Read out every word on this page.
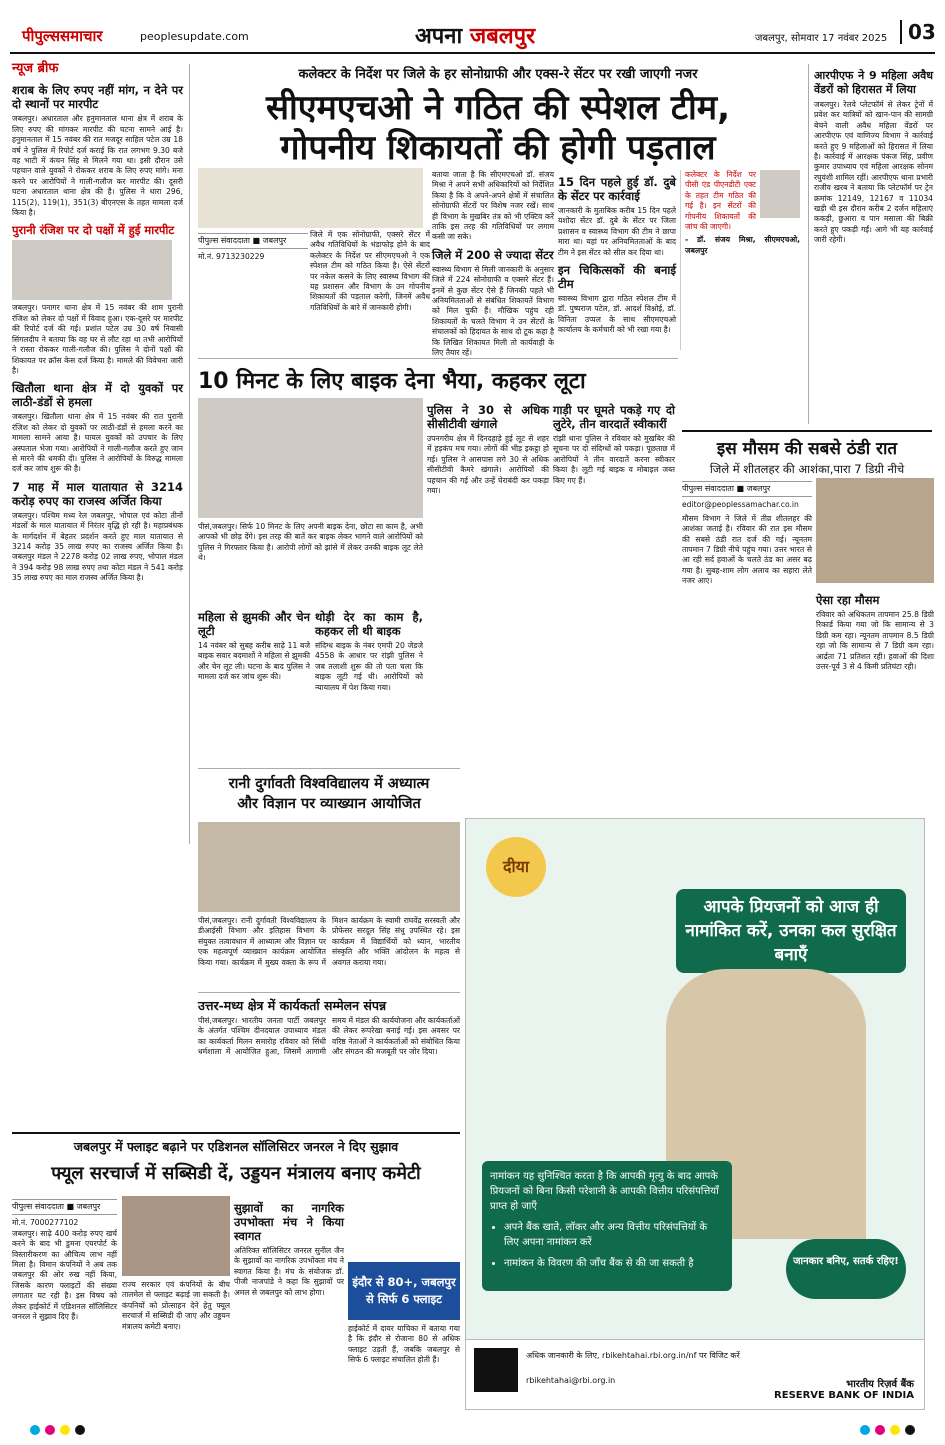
पीपुल्ससमाचार	peoplesupdate.com	अपना जबलपुर	जबलपुर, सोमवार 17 नवंबर 2025	03
न्यूज ब्रीफ
शराब के लिए रुपए नहीं मांग, न देने पर दो स्थानों पर मारपीट

जबलपुर। अधारताल और हनुमानताल थाना क्षेत्र में शराब के लिए रुपए की मांगकर मारपीट की घटना सामने आई है। हनुमानताल में 15 नवंबर की रात मजदूर साहिल पटेल उम्र 18 वर्ष ने पुलिस में रिपोर्ट दर्ज कराई कि रात लगभग 9.30 बजे वह भाटी में कंचन सिंह से मिलने गया था। इसी दौरान उसे पहचान वाले युवकों ने रोककर शराब के लिए रुपए मांगे। मना करने पर आरोपियों ने गाली-गलौज कर मारपीट की। दूसरी घटना अधारताल थाना क्षेत्र की है। पुलिस ने धारा 296, 115(2), 119(1), 351(3) बीएनएस के तहत मामला दर्ज किया है।

पुरानी रंजिश पर दो पक्षों में हुई मारपीट

जबलपुर। पनागर थाना क्षेत्र में 15 नवंबर की शाम पुरानी रंजिश को लेकर दो पक्षों में विवाद हुआ। एक-दूसरे पर मारपीट की रिपोर्ट दर्ज की गई। प्रशांत पटेल उम्र 30 वर्ष निवासी सिंगलदीप ने बताया कि वह घर से लौट रहा था तभी आरोपियों ने रास्ता रोककर गाली-गलौज की। पुलिस ने दोनों पक्षों की शिकायत पर क्रॉस केस दर्ज किया है। मामले की विवेचना जारी है।

खितौला थाना क्षेत्र में दो युवकों पर लाठी-डंडों से हमला

जबलपुर। खितौला थाना क्षेत्र में 15 नवंबर की रात पुरानी रंजिश को लेकर दो युवकों पर लाठी-डंडों से हमला करने का मामला सामने आया है। घायल युवकों को उपचार के लिए अस्पताल भेजा गया। आरोपियों ने गाली-गलौज करते हुए जान से मारने की धमकी दी। पुलिस ने आरोपियों के विरुद्ध मामला दर्ज कर जांच शुरू की है।

7 माह में माल यातायात से 3214 करोड़ रुपए का राजस्व अर्जित किया

जबलपुर। पश्चिम मध्य रेल जबलपुर, भोपाल एवं कोटा तीनों मंडलों के माल यातायात में निरंतर वृद्धि हो रही है। महाप्रबंधक के मार्गदर्शन में बेहतर प्रदर्शन करते हुए माल यातायात से 3214 करोड़ 35 लाख रुपए का राजस्व अर्जित किया है। जबलपुर मंडल ने 2278 करोड़ 02 लाख रुपए, भोपाल मंडल ने 394 करोड़ 98 लाख रुपए तथा कोटा मंडल ने 541 करोड़ 35 लाख रुपए का माल राजस्व अर्जित किया है।

कलेक्टर के निर्देश पर जिले के हर सोनोग्राफी और एक्स-रे सेंटर पर रखी जाएगी नजर
सीएमएचओ ने गठित की स्पेशल टीम,
गोपनीय शिकायतों की होगी पड़ताल
पीपुल्स संवाददाता ■ जबलपुर
मो.नं. 9713230229
जिले में एक सोनोग्राफी, एक्सरे सेंटर में अवैध गतिविधियों के भंडाफोड़ होने के बाद कलेक्टर के निर्देश पर सीएमएचओ ने एक स्पेशल टीम को गठित किया है। ऐसे सेंटरों पर नकेल कसने के लिए स्वास्थ्य विभाग की यह प्रशासन और विभाग के उन गोपनीय शिकायतों की पड़ताल करेगी, जिनमें अवैध गतिविधियों के बारे में जानकारी होगी।

बताया जाता है कि सीएमएचओ डॉ. संजय मिश्रा ने अपने सभी अधिकारियों को निर्देशित किया है कि वे अपने-अपने क्षेत्रों में संचालित सोनोग्राफी सेंटरों पर विशेष नजर रखें। साथ ही विभाग के मुखबिर तंत्र को भी एक्टिव करें ताकि इस तरह की गतिविधियों पर लगाम कसी जा सके।

जिले में 200 से ज्यादा सेंटर

स्वास्थ्य विभाग से मिली जानकारी के अनुसार जिले में 224 सोनोग्राफी व एक्सरे सेंटर हैं। इनमें से कुछ सेंटर ऐसे हैं जिनकी पहले भी अनियमितताओं से संबंधित शिकायतें विभाग को मिल चुकी हैं। मौखिक पहुंच रही शिकायतों के चलते विभाग ने उन सेंटरों के संचालकों को हिदायत के साथ दो टूक कहा है कि लिखित शिकायत मिली तो कार्यवाही के लिए तैयार रहें।

15 दिन पहले हुई डॉ. दुबे के सेंटर पर कार्रवाई

जानकारी के मुताबिक करीब 15 दिन पहले यशोदा सेंटर डॉ. दुबे के सेंटर पर जिला प्रशासन व स्वास्थ्य विभाग की टीम ने छापा मारा था। यहां पर अनियमितताओं के बाद टीम ने इस सेंटर को सील कर दिया था।

इन चिकित्सकों की बनाई टीम

स्वास्थ्य विभाग द्वारा गठित स्पेशल टीम में डॉ. पुष्पराज पटेल, डॉ. आदर्श विश्नोई, डॉ. विनिता उप्पल के साथ सीएमएचओ कार्यालय के कर्मचारी को भी रखा गया है।

कलेक्टर के निर्देश पर पीसी एंड पीएनडीटी एक्ट के तहत टीम गठित की गई है। इन सेंटरों की गोपनीय शिकायतों की जांच की जाएगी।

- डॉ. संजय मिश्रा, सीएमएचओ, जबलपुर

आरपीएफ ने 9 महिला अवैध वेंडरों को हिरासत में लिया

जबलपुर। रेलवे प्लेटफॉर्म से लेकर ट्रेनों में प्रवेश कर यात्रियों को खान-पान की सामग्री बेचने वाली अवैध महिला वेंडरों पर आरपीएफ एवं वाणिज्य विभाग ने कार्रवाई करते हुए 9 महिलाओं को हिरासत में लिया है। कार्रवाई में आरक्षक पंकज सिंह, प्रवीण कुमार उपाध्याय एवं महिला आरक्षक सोनम रघुवंशी शामिल रहीं। आरपीएफ थाना प्रभारी राजीव खरब ने बताया कि प्लेटफॉर्म पर ट्रेन क्रमांक 12149, 12167 व 11034 खड़ी थी इस दौरान करीब 2 दर्जन महिलाएं ककड़ी, छुआरा व पान मसाला की बिक्री करते हुए पकड़ी गईं। आगे भी यह कार्रवाई जारी रहेगी।

10 मिनट के लिए बाइक देना भैया, कहकर लूटा

पीसं,जबलपुर। सिर्फ 10 मिनट के लिए अपनी बाइक देना, छोटा सा काम है, अभी आपको भी छोड़ देंगे। इस तरह की बातें कर बाइक लेकर भागने वाले आरोपियों को पुलिस ने गिरफ्तार किया है। आरोपी लोगों को झांसे में लेकर उनकी बाइक लूट लेते थे।

महिला से झुमकी और चेन लूटी

14 नवंबर को सुबह करीब साढ़े 11 बजे बाइक सवार बदमाशों ने महिला से झुमकी और चेन लूट ली। घटना के बाद पुलिस ने मामला दर्ज कर जांच शुरू की।

थोड़ी देर का काम है, कहकर ली थी बाइक

संदिग्ध बाइक के नंबर एमपी 20 जेडजे 4558 के आधार पर रांझी पुलिस ने जब तलाशी शुरू की तो पता चला कि बाइक लूटी गई थी। आरोपियों को न्यायालय में पेश किया गया।

पुलिस ने 30 से अधिक सीसीटीवी खंगाले

उपनगरीय क्षेत्र में दिनदहाड़े हुई लूट से शहर में हड़कंप मच गया। लोगों की भीड़ इकट्ठा हो गई। पुलिस ने आसपास लगे 30 से अधिक सीसीटीवी कैमरे खंगाले। आरोपियों की पहचान की गई और उन्हें घेराबंदी कर पकड़ा गया।

गाड़ी पर घूमते पकड़े गए दो लुटेरे, तीन वारदातें स्वीकारीं

रांझी थाना पुलिस ने रविवार को मुखबिर की सूचना पर दो संदिग्धों को पकड़ा। पूछताछ में आरोपियों ने तीन वारदातें करना स्वीकार किया है। लूटी गई बाइक व मोबाइल जब्त किए गए हैं।

इस मौसम की सबसे ठंडी रात
जिले में शीतलहर की आशंका,पारा 7 डिग्री नीचे
पीपुल्स संवाददाता ■ जबलपुर
editor@peoplessamachar.co.in

मौसम विभाग ने जिले में तीव्र शीतलहर की आशंका जताई है। रविवार की रात इस मौसम की सबसे ठंडी रात दर्ज की गई। न्यूनतम तापमान 7 डिग्री नीचे पहुंच गया। उत्तर भारत से आ रही सर्द हवाओं के चलते ठंड का असर बढ़ गया है। सुबह-शाम लोग अलाव का सहारा लेते नजर आए।

ऐसा रहा मौसम

रविवार को अधिकतम तापमान 25.8 डिग्री रिकार्ड किया गया जो कि सामान्य से 3 डिग्री कम रहा। न्यूनतम तापमान 8.5 डिग्री रहा जो कि सामान्य से 7 डिग्री कम रहा। आर्द्रता 71 प्रतिशत रही। हवाओं की दिशा उत्तर-पूर्व 3 से 4 किमी प्रतिघंटा रही।

रानी दुर्गावती विश्वविद्यालय में अध्यात्म
और विज्ञान पर व्याख्यान आयोजित
पीसं,जबलपुर। रानी दुर्गावती विश्वविद्यालय के डीआईसी विभाग और इतिहास विभाग के संयुक्त तत्वावधान में आध्यात्म और विज्ञान पर एक महत्वपूर्ण व्याख्यान कार्यक्रम आयोजित किया गया। कार्यक्रम में मुख्य वक्ता के रूप में मिशन कार्यक्रम के स्वामी राघवेंद्र सरस्वती और प्रोफेसर सरदूल सिंह संधु उपस्थित रहे। इस कार्यक्रम में विद्यार्थियों को ध्यान, भारतीय संस्कृति और भक्ति आंदोलन के महत्व से अवगत कराया गया।
उत्तर-मध्य क्षेत्र में कार्यकर्ता सम्मेलन संपन्न
पीसं,जबलपुर। भारतीय जनता पार्टी जबलपुर के अंतर्गत पश्चिम दीनदयाल उपाध्याय मंडल का कार्यकर्ता मिलन समारोह रविवार को सिंधी धर्मशाला में आयोजित हुआ, जिसमें आगामी समय में मंडल की कार्ययोजना और कार्यकर्ताओं की लेकर रूपरेखा बनाई गई। इस अवसर पर वरिष्ठ नेताओं ने कार्यकर्ताओं को संबोधित किया और संगठन की मजबूती पर जोर दिया।
जबलपुर में फ्लाइट बढ़ाने पर एडिशनल सॉलिसिटर जनरल ने दिए सुझाव
फ्यूल सरचार्ज में सब्सिडी दें, उड्डयन मंत्रालय बनाए कमेटी
पीपुल्स संवाददाता ■ जबलपुर
मो.नं. 7000277102

जबलपुर। साढ़े 400 करोड़ रुपए खर्च करने के बाद भी डुमना एयरपोर्ट के विस्तारीकरण का औचित्य लाभ नहीं मिला है। विमान कंपनियों ने अब तक जबलपुर की ओर रुख नहीं किया, जिसके कारण फ्लाइटों की संख्या लगातार घट रही है। इस विषय को लेकर हाईकोर्ट में एडिशनल सॉलिसिटर जनरल ने सुझाव दिए हैं।

राज्य सरकार एवं कंपनियों के बीच तालमेल से फ्लाइट बढ़ाई जा सकती है। कंपनियों को प्रोत्साहन देने हेतु फ्यूल सरचार्ज में सब्सिडी दी जाए और उड्डयन मंत्रालय कमेटी बनाए।
सुझावों का नागरिक उपभोक्ता मंच ने किया स्वागत

अतिरिक्त सॉलिसिटर जनरल सुनील जैन के सुझावों का नागरिक उपभोक्ता मंच ने स्वागत किया है। मंच के संयोजक डॉ. पीजी नाजपांडे ने कहा कि सुझावों पर अमल से जबलपुर को लाभ होगा।

इंदौर से 80+, जबलपुर
से सिर्फ 6 फ्लाइट
हाईकोर्ट में दायर याचिका में बताया गया है कि इंदौर से रोजाना 80 से अधिक फ्लाइट उड़ती हैं, जबकि जबलपुर से सिर्फ 6 फ्लाइट संचालित होती हैं।
दीया
आपके प्रियजनों को आज ही नामांकित करें, उनका कल सुरक्षित बनाएँ
नामांकन यह सुनिश्चित करता है कि आपकी मृत्यु के बाद आपके प्रियजनों को बिना किसी परेशानी के आपकी वित्तीय परिसंपत्तियाँ प्राप्त हो जाएँ
• अपने बैंक खाते, लॉकर और अन्य वित्तीय परिसंपत्तियों के लिए अपना नामांकन करें
• नामांकन के विवरण की जाँच बैंक से की जा सकती है	जानकार बनिए, सतर्क रहिए!
अधिक जानकारी के लिए, rbikehtahai.rbi.org.in/nf पर विजिट करें
rbikehtahai@rbi.org.in	भारतीय रिज़र्व बैंक
RESERVE BANK OF INDIA
